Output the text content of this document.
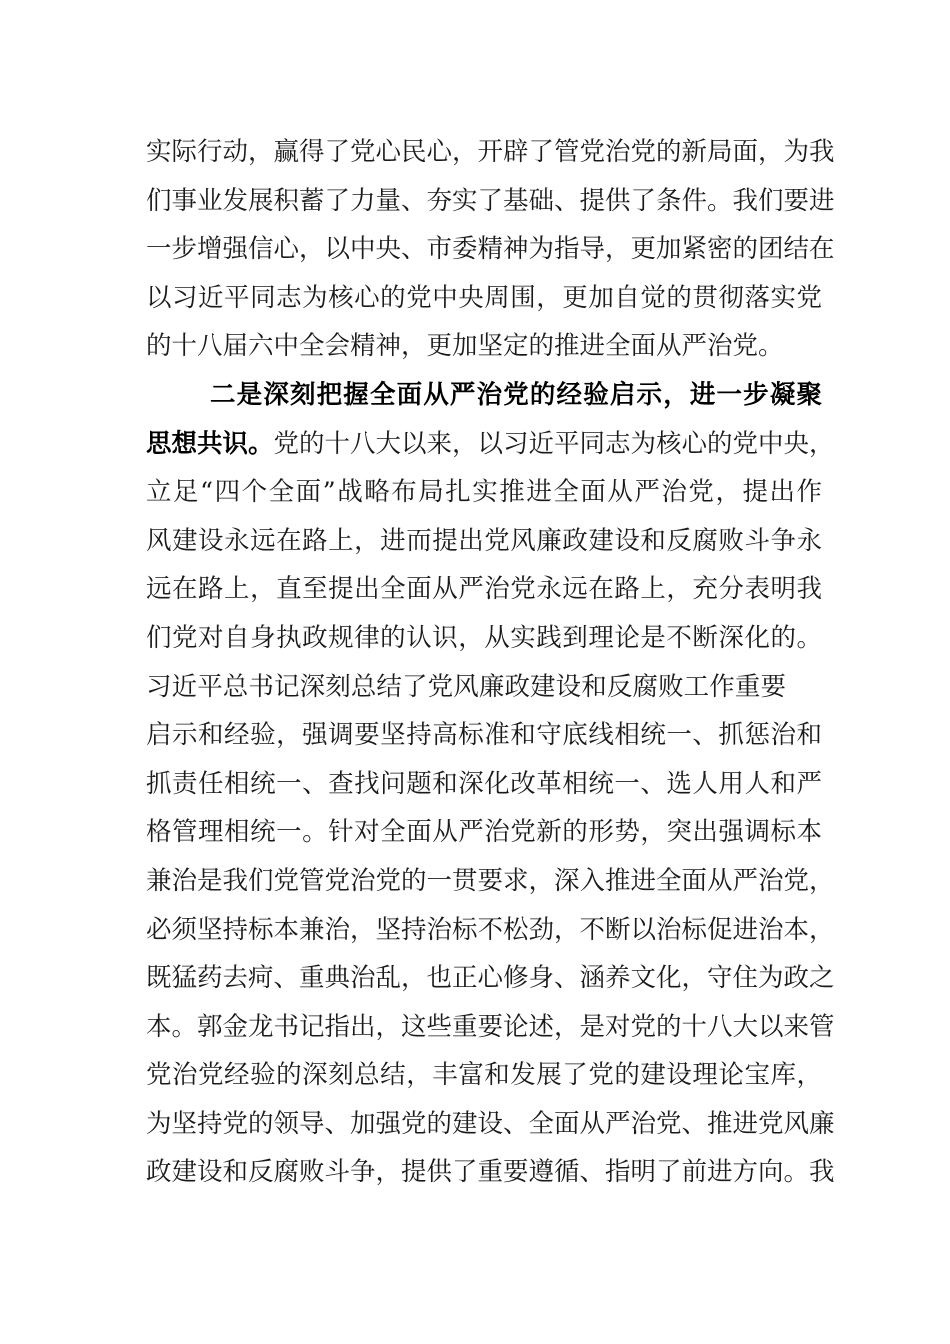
实际行动，赢得了党心民心，开辟了管党治党的新局面，为我
们事业发展积蓄了力量、夯实了基础、提供了条件。我们要进
一步增强信心，以中央、市委精神为指导，更加紧密的团结在
以习近平同志为核心的党中央周围，更加自觉的贯彻落实党
的十八届六中全会精神，更加坚定的推进全面从严治党。
二是深刻把握全面从严治党的经验启示，进一步凝聚
思想共识。党的十八大以来，以习近平同志为核心的党中央，
立足“四个全面”战略布局扎实推进全面从严治党，提出作
风建设永远在路上，进而提出党风廉政建设和反腐败斗争永
远在路上，直至提出全面从严治党永远在路上，充分表明我
们党对自身执政规律的认识，从实践到理论是不断深化的。
习近平总书记深刻总结了党风廉政建设和反腐败工作重要
启示和经验，强调要坚持高标准和守底线相统一、抓惩治和
抓责任相统一、查找问题和深化改革相统一、选人用人和严
格管理相统一。针对全面从严治党新的形势，突出强调标本
兼治是我们党管党治党的一贯要求，深入推进全面从严治党，
必须坚持标本兼治，坚持治标不松劲，不断以治标促进治本，
既猛药去疴、重典治乱，也正心修身、涵养文化，守住为政之
本。郭金龙书记指出，这些重要论述，是对党的十八大以来管
党治党经验的深刻总结，丰富和发展了党的建设理论宝库，
为坚持党的领导、加强党的建设、全面从严治党、推进党风廉
政建设和反腐败斗争，提供了重要遵循、指明了前进方向。我
